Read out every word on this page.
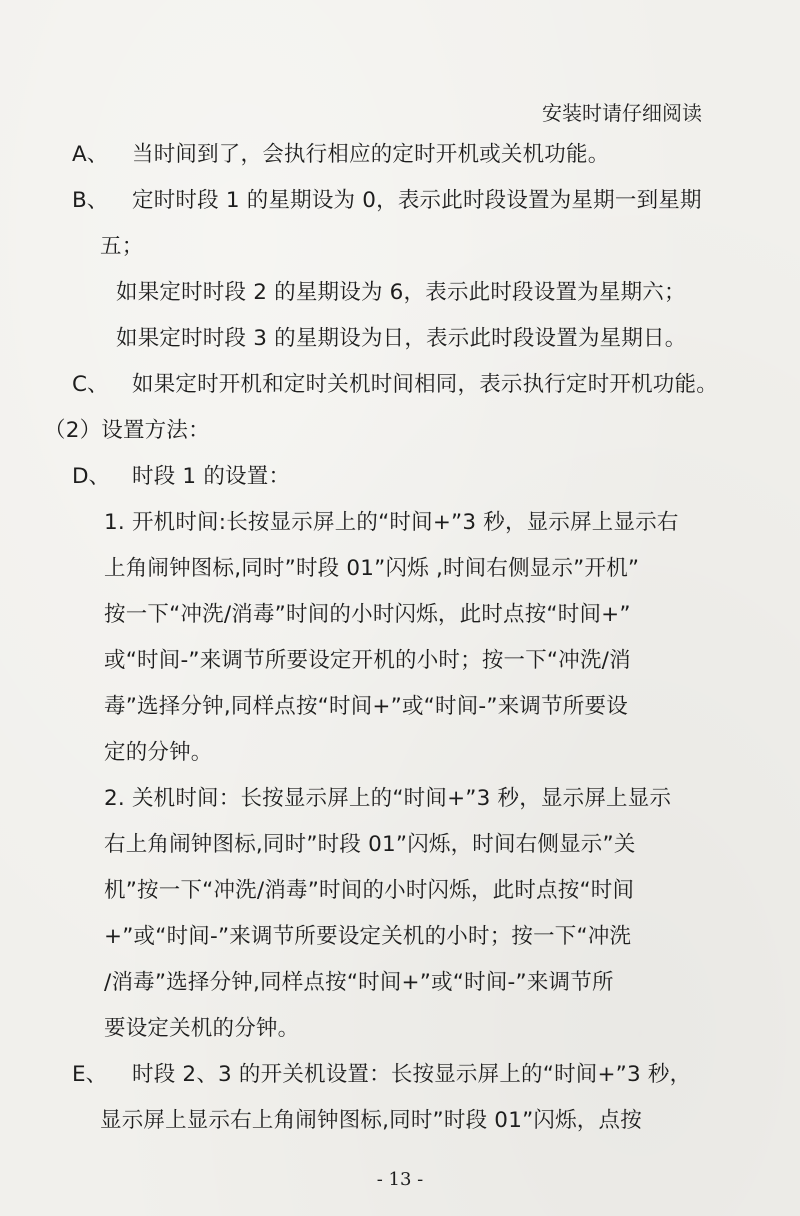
安装时请仔细阅读
A、 当时间到了，会执行相应的定时开机或关机功能。
B、 定时时段 1 的星期设为 0，表示此时段设置为星期一到星期
五；
如果定时时段 2 的星期设为 6，表示此时段设置为星期六；
如果定时时段 3 的星期设为日，表示此时段设置为星期日。
C、 如果定时开机和定时关机时间相同，表示执行定时开机功能。
（2）设置方法：
D、 时段 1 的设置：
1. 开机时间:长按显示屏上的“时间+”3 秒，显示屏上显示右
上角闹钟图标,同时”时段 01”闪烁 ,时间右侧显示”开机”
按一下“冲洗/消毒”时间的小时闪烁，此时点按“时间+”
或“时间-”来调节所要设定开机的小时；按一下“冲洗/消
毒”选择分钟,同样点按“时间+”或“时间-”来调节所要设
定的分钟。
2. 关机时间：长按显示屏上的“时间+”3 秒，显示屏上显示
右上角闹钟图标,同时”时段 01”闪烁，时间右侧显示”关
机”按一下“冲洗/消毒”时间的小时闪烁，此时点按“时间
+”或“时间-”来调节所要设定关机的小时；按一下“冲洗
/消毒”选择分钟,同样点按“时间+”或“时间-”来调节所
要设定关机的分钟。
E、 时段 2、3 的开关机设置：长按显示屏上的“时间+”3 秒，
显示屏上显示右上角闹钟图标,同时”时段 01”闪烁，点按
- 13 -
